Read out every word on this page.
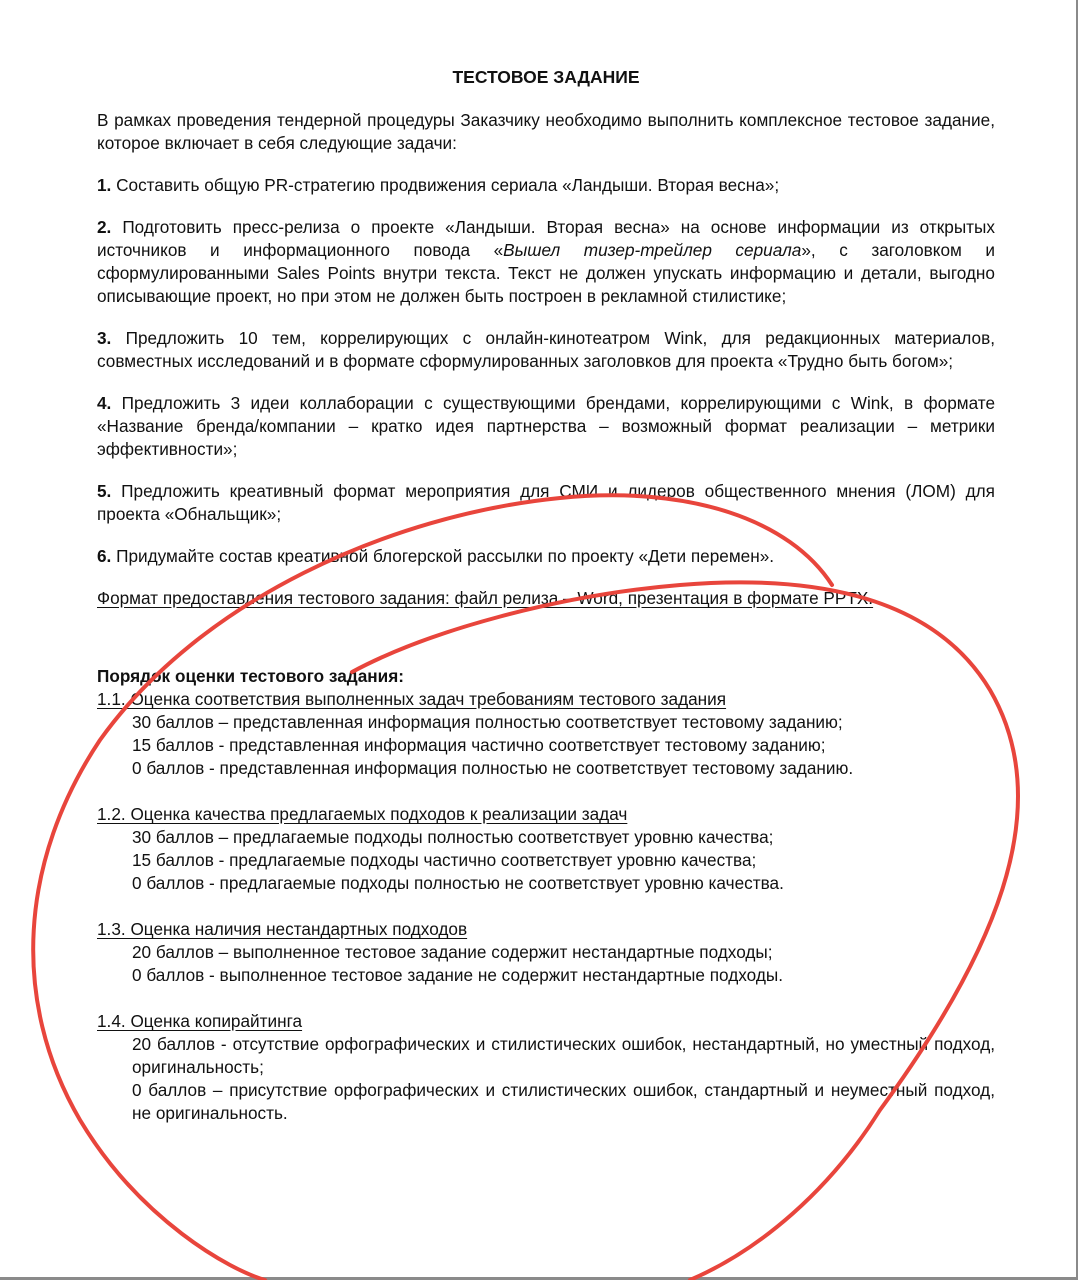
ТЕСТОВОЕ ЗАДАНИЕ

В рамках проведения тендерной процедуры Заказчику необходимо выполнить комплексное тестовое задание, которое включает в себя следующие задачи:

1. Составить общую PR-стратегию продвижения сериала «Ландыши. Вторая весна»;

2. Подготовить пресс-релиза о проекте «Ландыши. Вторая весна» на основе информации из открытых источников и информационного повода «Вышел тизер-трейлер сериала», с заголовком и сформулированными Sales Points внутри текста. Текст не должен упускать информацию и детали, выгодно описывающие проект, но при этом не должен быть построен в рекламной стилистике;

3. Предложить 10 тем, коррелирующих с онлайн-кинотеатром Wink, для редакционных материалов, совместных исследований и в формате сформулированных заголовков для проекта «Трудно быть богом»;

4. Предложить 3 идеи коллаборации с существующими брендами, коррелирующими с Wink, в формате «Название бренда/компании – кратко идея партнерства – возможный формат реализации – метрики эффективности»;

5. Предложить креативный формат мероприятия для СМИ и лидеров общественного мнения (ЛОМ) для проекта «Обнальщик»;

6. Придумайте состав креативной блогерской рассылки по проекту «Дети перемен».

Формат предоставления тестового задания: файл релиза – Word, презентация в формате PPTX.

Порядок оценки тестового задания:
1.1. Оценка соответствия выполненных задач требованиям тестового задания
30 баллов – представленная информация полностью соответствует тестовому заданию;
15 баллов - представленная информация частично соответствует тестовому заданию;
0 баллов - представленная информация полностью не соответствует тестовому заданию.
1.2. Оценка качества предлагаемых подходов к реализации задач
30 баллов – предлагаемые подходы полностью соответствует уровню качества;
15 баллов - предлагаемые подходы частично соответствует уровню качества;
0 баллов - предлагаемые подходы полностью не соответствует уровню качества.
1.3. Оценка наличия нестандартных подходов
20 баллов – выполненное тестовое задание содержит нестандартные подходы;
0 баллов - выполненное тестовое задание не содержит нестандартные подходы.
1.4. Оценка копирайтинга
20 баллов - отсутствие орфографических и стилистических ошибок, нестандартный, но уместный подход, оригинальность;
0 баллов – присутствие орфографических и стилистических ошибок, стандартный и неуместный подход, не оригинальность.
